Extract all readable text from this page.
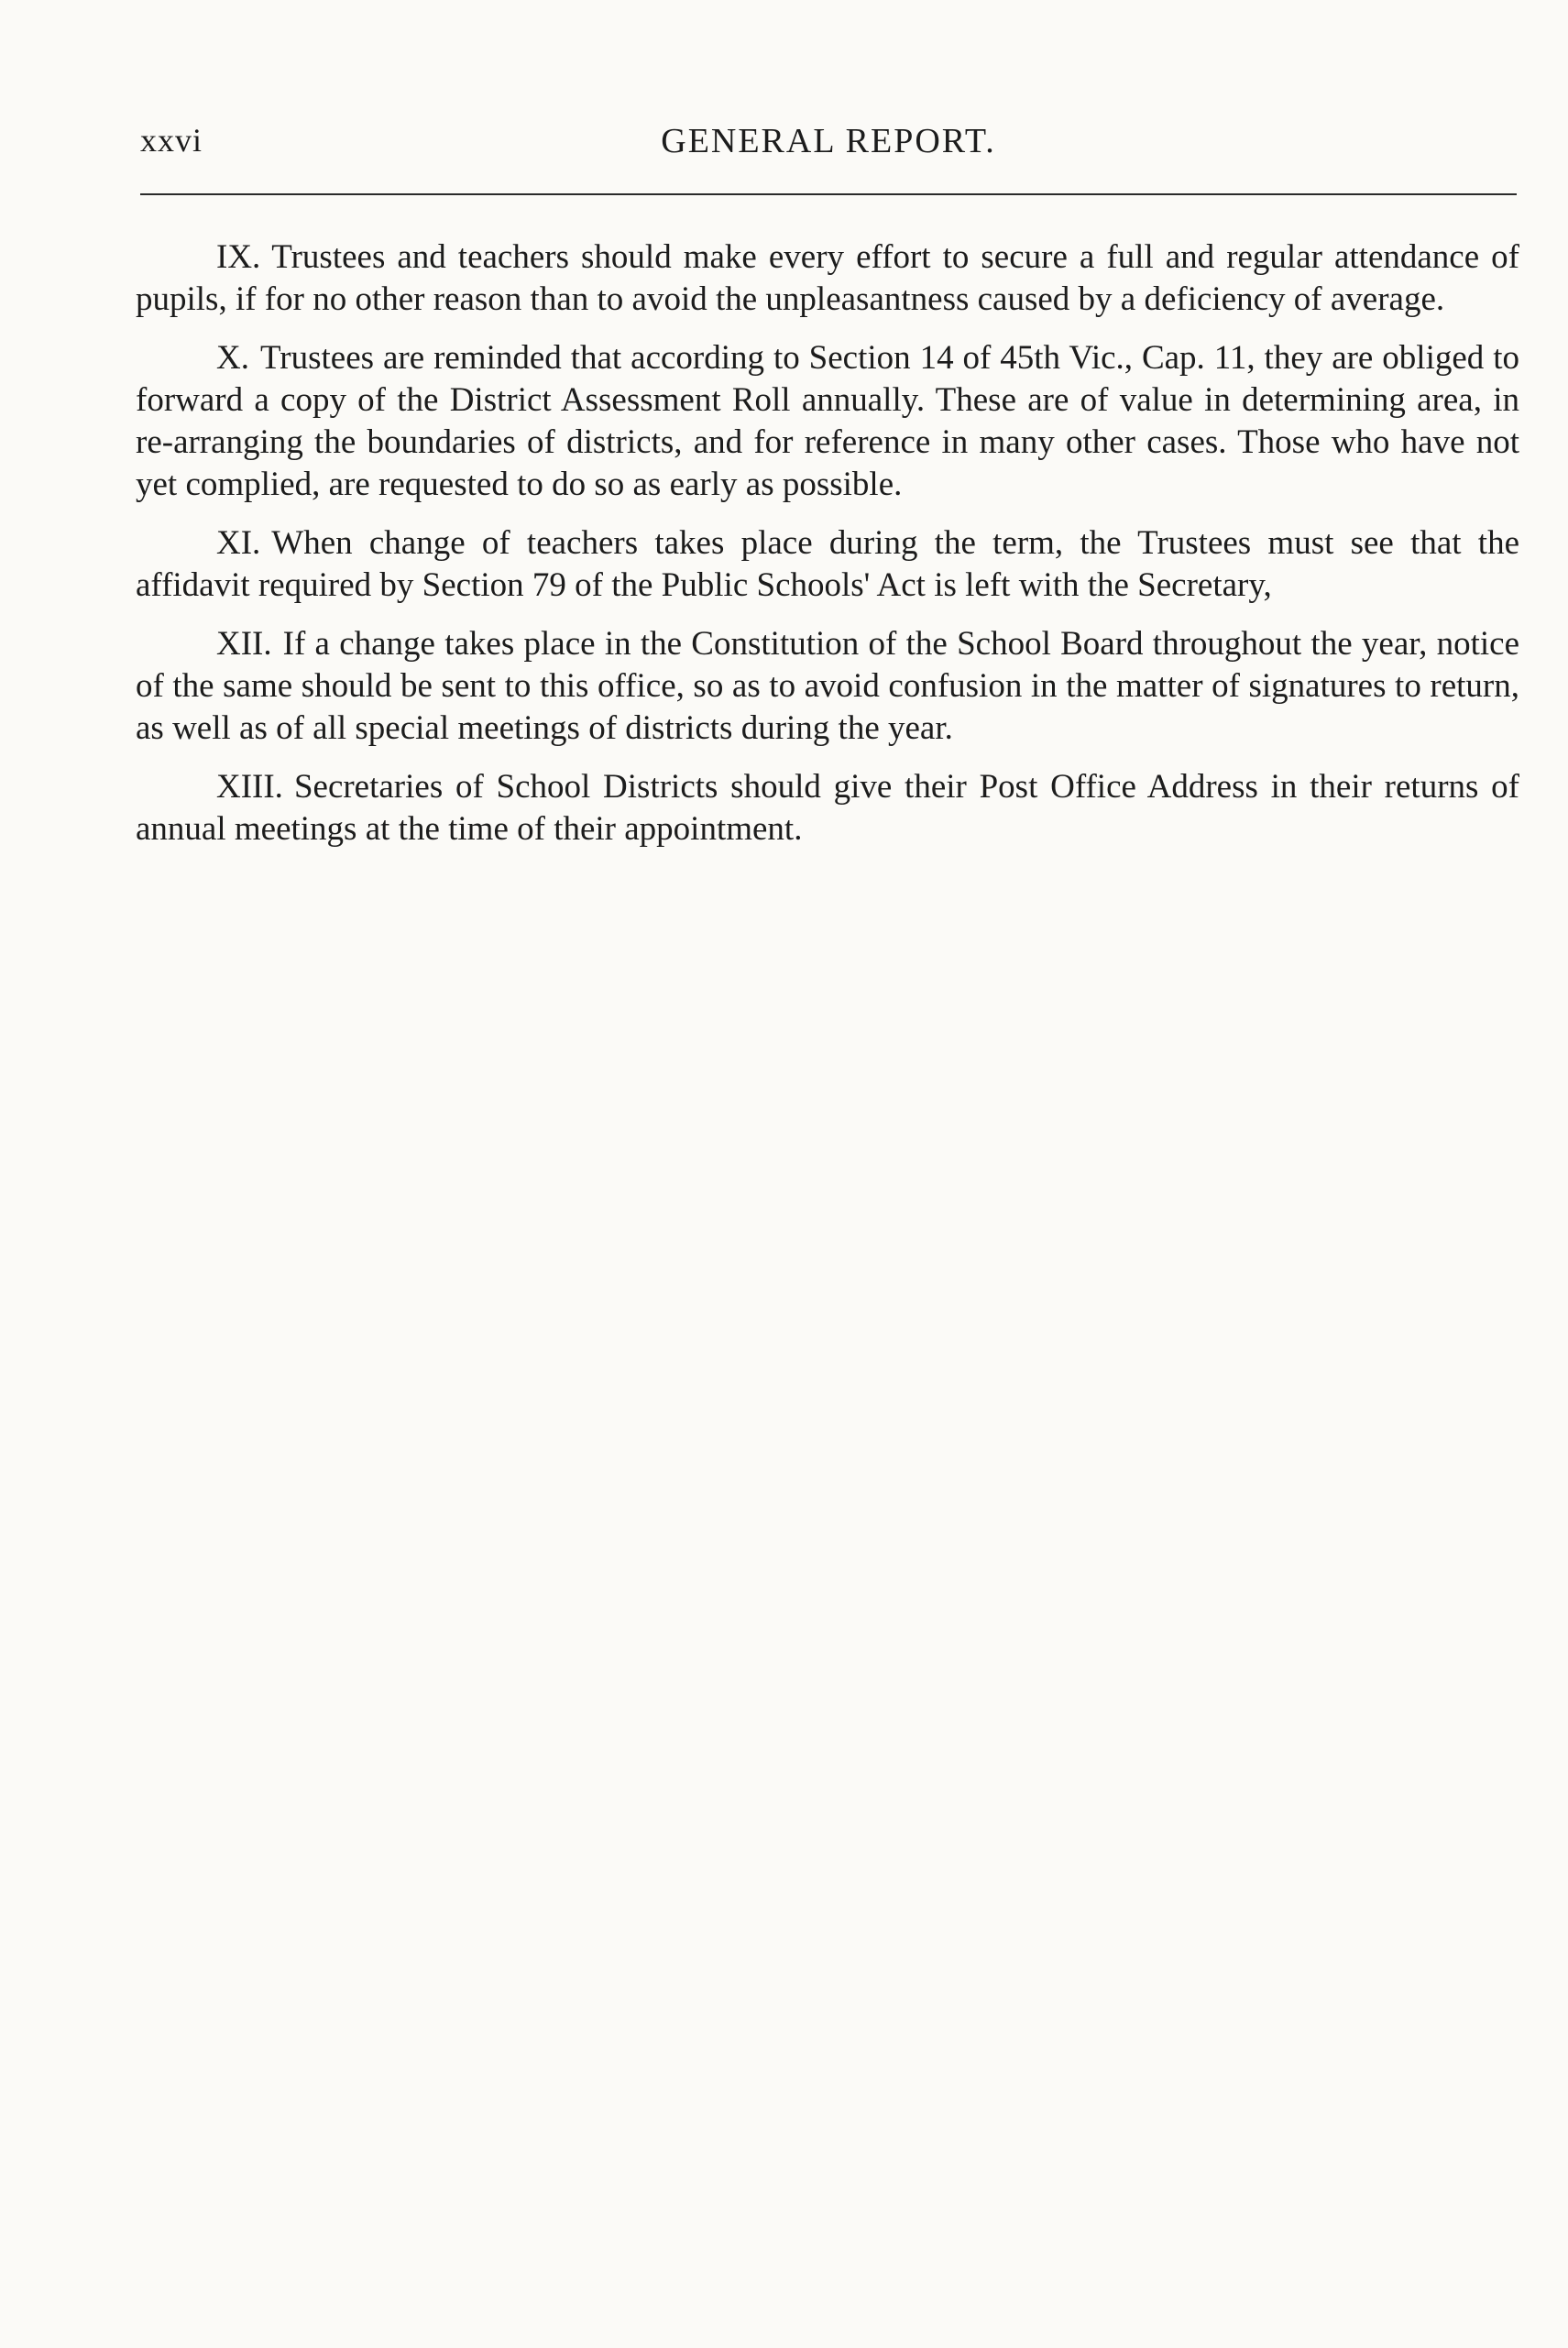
xxvi	GENERAL REPORT.

IX. Trustees and teachers should make every effort to secure a full and regular attendance of pupils, if for no other reason than to avoid the unpleasantness caused by a deficiency of average.

X. Trustees are reminded that according to Section 14 of 45th Vic., Cap. 11, they are obliged to forward a copy of the District Assessment Roll annually. These are of value in determining area, in re-arranging the boundaries of districts, and for reference in many other cases. Those who have not yet complied, are requested to do so as early as possible.

XI. When change of teachers takes place during the term, the Trustees must see that the affidavit required by Section 79 of the Public Schools' Act is left with the Secretary,

XII. If a change takes place in the Constitution of the School Board throughout the year, notice of the same should be sent to this office, so as to avoid confusion in the matter of signatures to return, as well as of all special meetings of districts during the year.

XIII. Secretaries of School Districts should give their Post Office Address in their returns of annual meetings at the time of their appointment.
